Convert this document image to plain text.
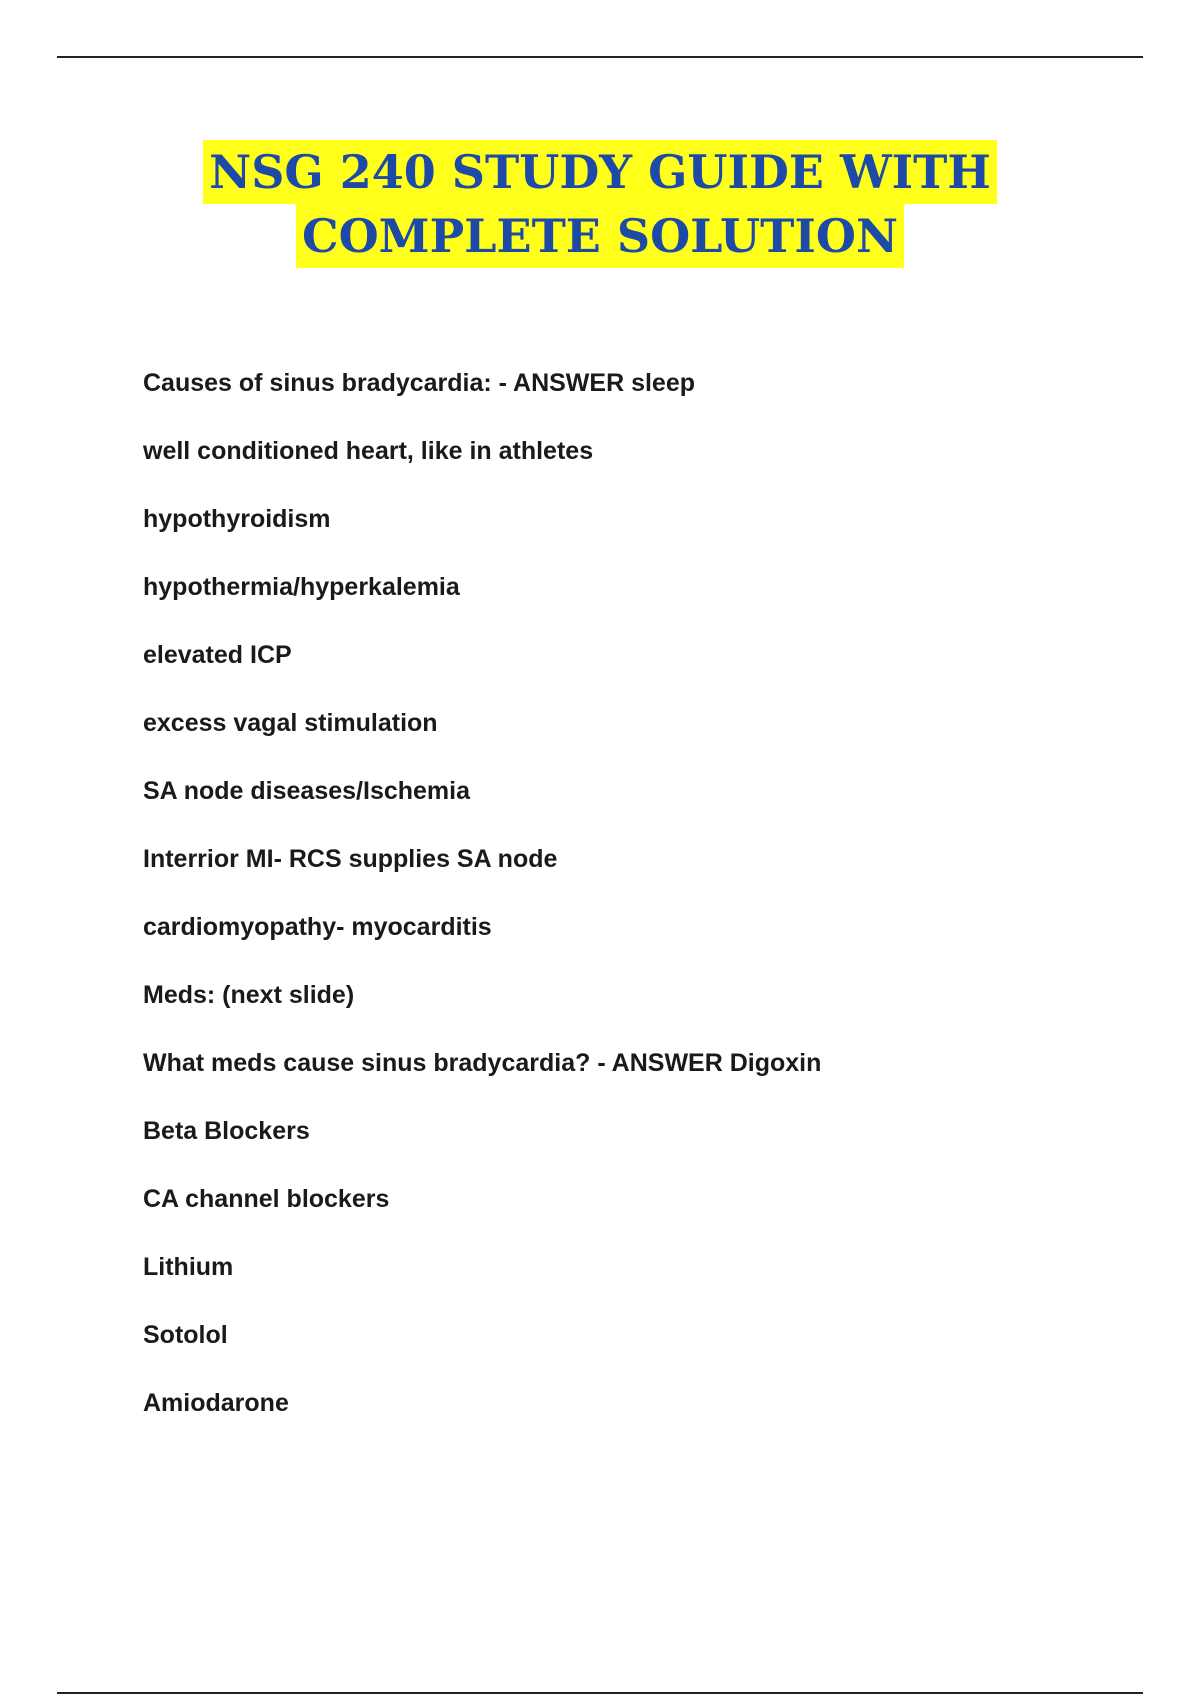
NSG 240 STUDY GUIDE WITH
COMPLETE SOLUTION
Causes of sinus bradycardia: - ANSWER sleep
well conditioned heart, like in athletes
hypothyroidism
hypothermia/hyperkalemia
elevated ICP
excess vagal stimulation
SA node diseases/Ischemia
Interrior MI- RCS supplies SA node
cardiomyopathy- myocarditis
Meds: (next slide)
What meds cause sinus bradycardia? - ANSWER Digoxin
Beta Blockers
CA channel blockers
Lithium
Sotolol
Amiodarone
